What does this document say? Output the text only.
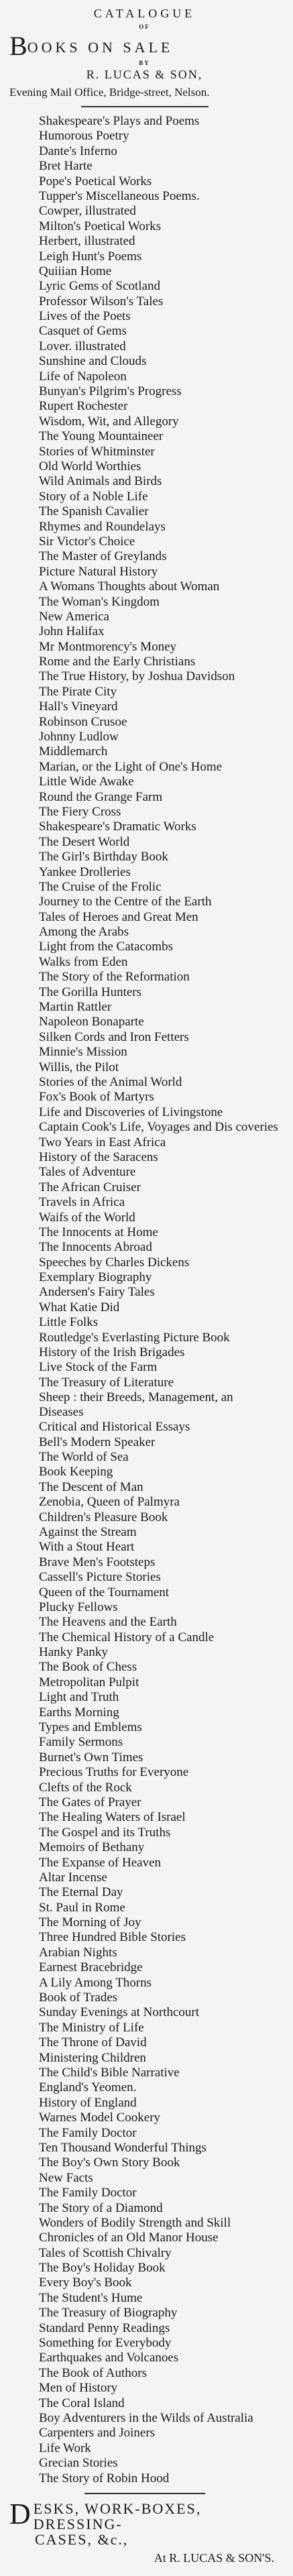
CATALOGUE
OF
BOOKS ON SALE
BY
R. LUCAS & SON,
Evening Mail Office, Bridge-street, Nelson.
Shakespeare's Plays and Poems
Humorous Poetry
Dante's Inferno
Bret Harte
Pope's Poetical Works
Tupper's Miscellaneous Poems.
Cowper, illustrated
Milton's Poetical Works
Herbert, illustrated
Leigh Hunt's Poems
Quiiian Home
Lyric Gems of Scotland
Professor Wilson's Tales
Lives of the Poets
Casquet of Gems
Lover. illustrated
Sunshine and Clouds
Life of Napoleon
Bunyan's Pilgrim's Progress
Rupert Rochester
Wisdom, Wit, and Allegory
The Young Mountaineer
Stories of Whitminster
Old World Worthies
Wild Animals and Birds
Story of a Noble Life
The Spanish Cavalier
Rhymes and Roundelays
Sir Victor's Choice
The Master of Greylands
Picture Natural History
A Womans Thoughts about Woman
The Woman's Kingdom
New America
John Halifax
Mr Montmorency's Money
Rome and the Early Christians
The True History, by Joshua Davidson
The Pirate City
Hall's Vineyard
Robinson Crusoe
Johnny Ludlow
Middlemarch
Marian, or the Light of One's Home
Little Wide Awake
Round the Grange Farm
The Fiery Cross
Shakespeare's Dramatic Works
The Desert World
The Girl's Birthday Book
Yankee Drolleries
The Cruise of the Frolic
Journey to the Centre of the Earth
Tales of Heroes and Great Men
Among the Arabs
Light from the Catacombs
Walks from Eden
The Story of the Reformation
The Gorilla Hunters
Martin Rattler
Napoleon Bonaparte
Silken Cords and Iron Fetters
Minnie's Mission
Willis, the Pilot
Stories of the Animal World
Fox's Book of Martyrs
Life and Discoveries of Livingstone
Captain Cook's Life, Voyages and Dis coveries
Two Years in East Africa
History of the Saracens
Tales of Adventure
The African Cruiser
Travels in Africa
Waifs of the World
The Innocents at Home
The Innocents Abroad
Speeches by Charles Dickens
Exemplary Biography
Andersen's Fairy Tales
What Katie Did
Little Folks
Routledge's Everlasting Picture Book
History of the Irish Brigades
Live Stock of the Farm
The Treasury of Literature
Sheep : their Breeds, Management, an Diseases
Critical and Historical Essays
Bell's Modern Speaker
The World of Sea
Book Keeping
The Descent of Man
Zenobia, Queen of Palmyra
Children's Pleasure Book
Against the Stream
With a Stout Heart
Brave Men's Footsteps
Cassell's Picture Stories
Queen of the Tournament
Plucky Fellows
The Heavens and the Earth
The Chemical History of a Candle
Hanky Panky
The Book of Chess
Metropolitan Pulpit
Light and Truth
Earths Morning
Types and Emblems
Family Sermons
Burnet's Own Times
Precious Truths for Everyone
Clefts of the Rock
The Gates of Prayer
The Healing Waters of Israel
The Gospel and its Truths
Memoirs of Bethany
The Expanse of Heaven
Altar Incense
The Eternal Day
St. Paul in Rome
The Morning of Joy
Three Hundred Bible Stories
Arabian Nights
Earnest Bracebridge
A Lily Among Thorns
Book of Trades
Sunday Evenings at Northcourt
The Ministry of Life
The Throne of David
Ministering Children
The Child's Bible Narrative
England's Yeomen.
History of England
Warnes Model Cookery
The Family Doctor
Ten Thousand Wonderful Things
The Boy's Own Story Book
New Facts
The Family Doctor
The Story of a Diamond
Wonders of Bodily Strength and Skill
Chronicles of an Old Manor House
Tales of Scottish Chivalry
The Boy's Holiday Book
Every Boy's Book
The Student's Hume
The Treasury of Biography
Standard Penny Readings
Something for Everybody
Earthquakes and Volcanoes
The Book of Authors
Men of History
The Coral Island
Boy Adventurers in the Wilds of Australia
Carpenters and Joiners
Life Work
Grecian Stories
The Story of Robin Hood
D ESKS, WORK-BOXES, DRESSING-
CASES, &c.,
At R. LUCAS & SON'S.
